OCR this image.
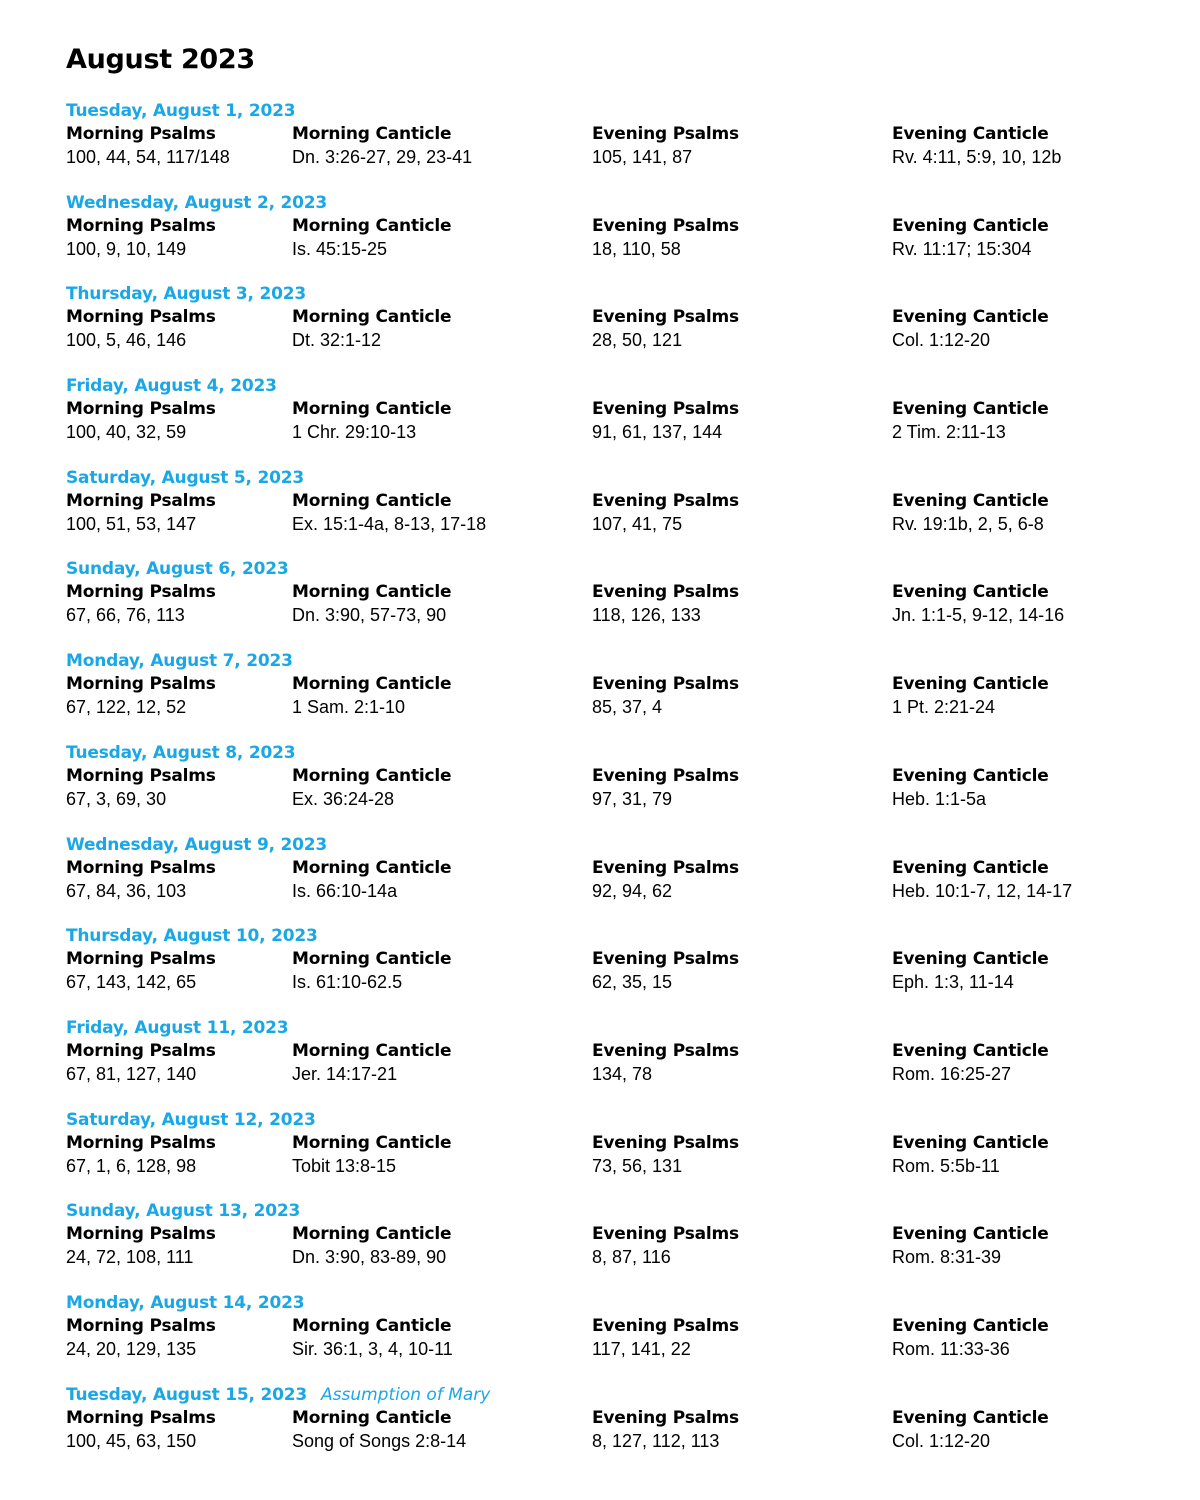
August 2023
Tuesday, August 1, 2023
Morning Psalms
100, 44, 54, 117/148
Morning Canticle
Dn. 3:26-27, 29, 23-41
Evening Psalms
105, 141, 87
Evening Canticle
Rv. 4:11, 5:9, 10, 12b
Wednesday, August 2, 2023
Morning Psalms
100, 9, 10, 149
Morning Canticle
Is. 45:15-25
Evening Psalms
18, 110, 58
Evening Canticle
Rv. 11:17; 15:304
Thursday, August 3, 2023
Morning Psalms
100, 5, 46, 146
Morning Canticle
Dt. 32:1-12
Evening Psalms
28, 50, 121
Evening Canticle
Col. 1:12-20
Friday, August 4, 2023
Morning Psalms
100, 40, 32, 59
Morning Canticle
1 Chr. 29:10-13
Evening Psalms
91, 61, 137, 144
Evening Canticle
2 Tim. 2:11-13
Saturday, August 5, 2023
Morning Psalms
100, 51, 53, 147
Morning Canticle
Ex. 15:1-4a, 8-13, 17-18
Evening Psalms
107, 41, 75
Evening Canticle
Rv. 19:1b, 2, 5, 6-8
Sunday, August 6, 2023
Morning Psalms
67, 66, 76, 113
Morning Canticle
Dn. 3:90, 57-73, 90
Evening Psalms
118, 126, 133
Evening Canticle
Jn. 1:1-5, 9-12, 14-16
Monday, August 7, 2023
Morning Psalms
67, 122, 12, 52
Morning Canticle
1 Sam. 2:1-10
Evening Psalms
85, 37, 4
Evening Canticle
1 Pt. 2:21-24
Tuesday, August 8, 2023
Morning Psalms
67, 3, 69, 30
Morning Canticle
Ex. 36:24-28
Evening Psalms
97, 31, 79
Evening Canticle
Heb. 1:1-5a
Wednesday, August 9, 2023
Morning Psalms
67, 84, 36, 103
Morning Canticle
Is. 66:10-14a
Evening Psalms
92, 94, 62
Evening Canticle
Heb. 10:1-7, 12, 14-17
Thursday, August 10, 2023
Morning Psalms
67, 143, 142, 65
Morning Canticle
Is. 61:10-62.5
Evening Psalms
62, 35, 15
Evening Canticle
Eph. 1:3, 11-14
Friday, August 11, 2023
Morning Psalms
67, 81, 127, 140
Morning Canticle
Jer. 14:17-21
Evening Psalms
134, 78
Evening Canticle
Rom. 16:25-27
Saturday, August 12, 2023
Morning Psalms
67, 1, 6, 128, 98
Morning Canticle
Tobit 13:8-15
Evening Psalms
73, 56, 131
Evening Canticle
Rom. 5:5b-11
Sunday, August 13, 2023
Morning Psalms
24, 72, 108, 111
Morning Canticle
Dn. 3:90, 83-89, 90
Evening Psalms
8, 87, 116
Evening Canticle
Rom. 8:31-39
Monday, August 14, 2023
Morning Psalms
24, 20, 129, 135
Morning Canticle
Sir. 36:1, 3, 4, 10-11
Evening Psalms
117, 141, 22
Evening Canticle
Rom. 11:33-36
Tuesday, August 15, 2023 Assumption of Mary
Morning Psalms
100, 45, 63, 150
Morning Canticle
Song of Songs 2:8-14
Evening Psalms
8, 127, 112, 113
Evening Canticle
Col. 1:12-20
